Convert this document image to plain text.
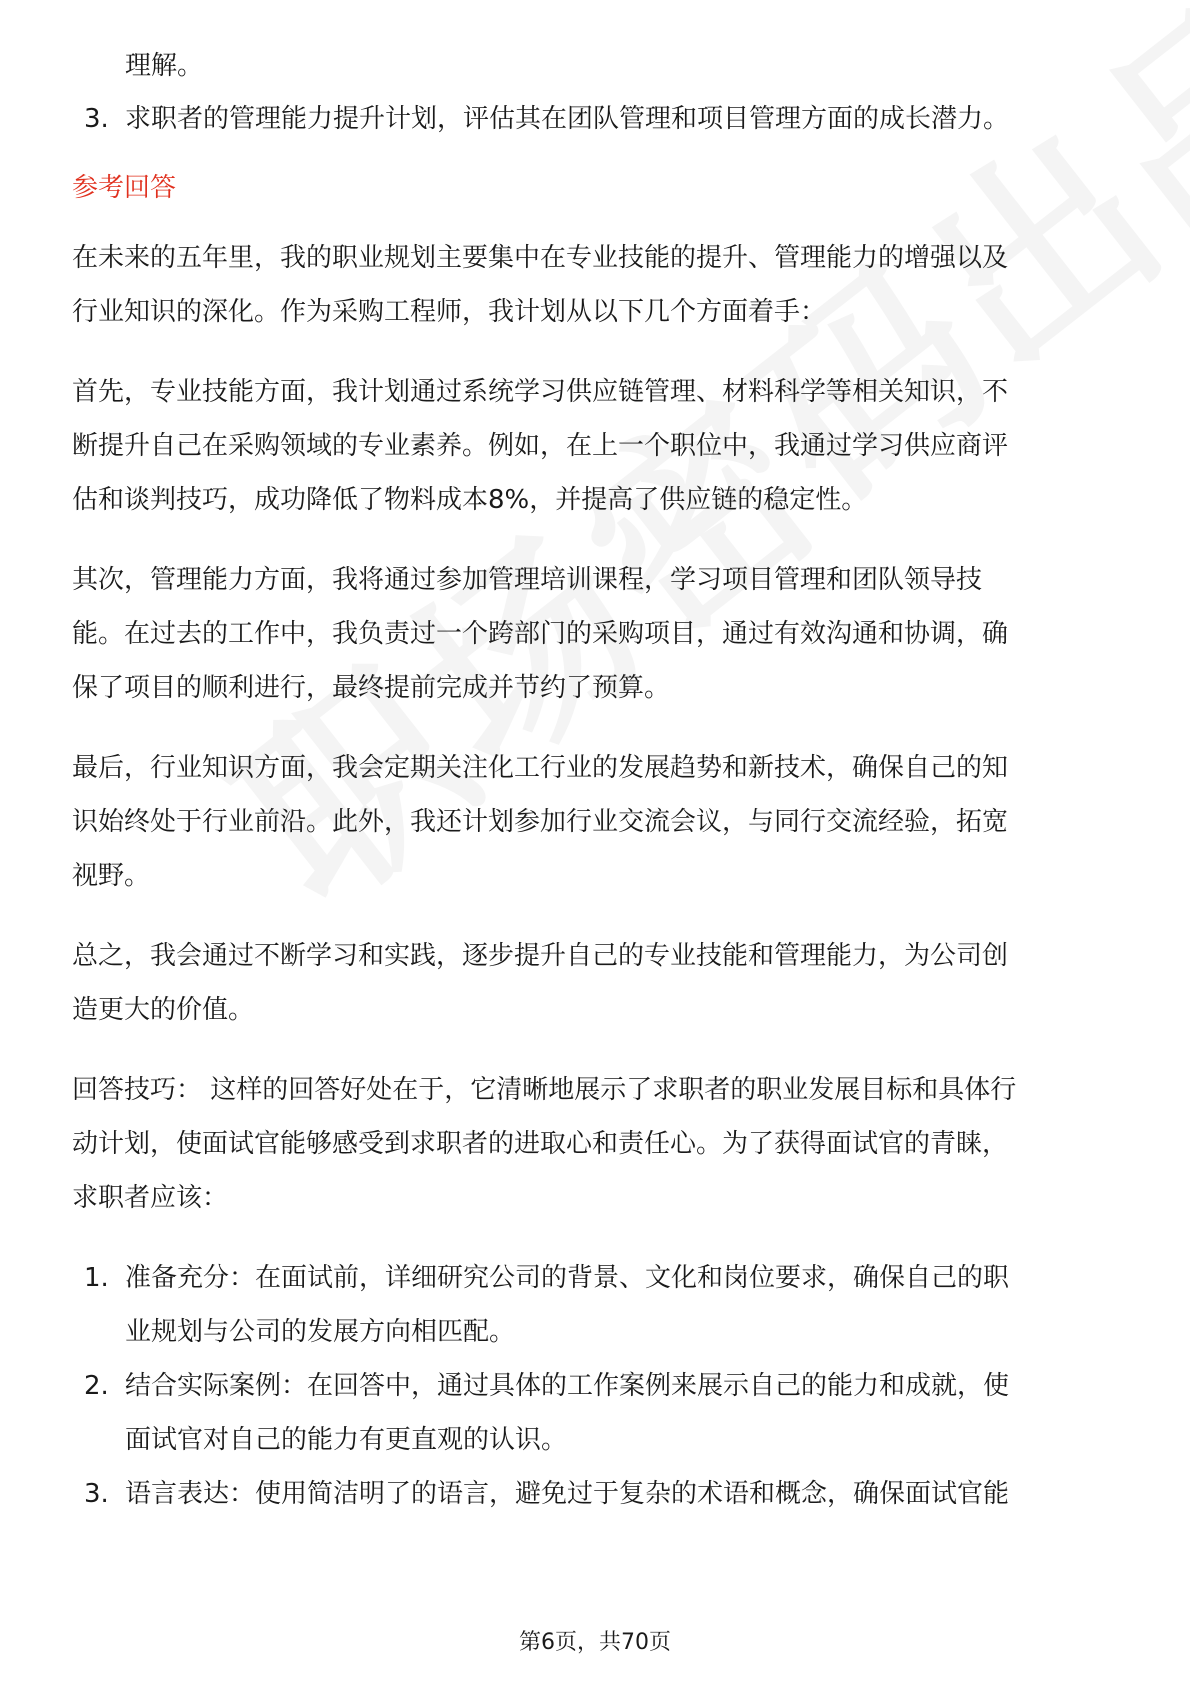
理解。
3. 求职者的管理能力提升计划，评估其在团队管理和项目管理方面的成长潜力。
参考回答
在未来的五年里，我的职业规划主要集中在专业技能的提升、管理能力的增强以及
行业知识的深化。作为采购工程师，我计划从以下几个方面着手：
首先，专业技能方面，我计划通过系统学习供应链管理、材料科学等相关知识，不
断提升自己在采购领域的专业素养。例如，在上一个职位中，我通过学习供应商评
估和谈判技巧，成功降低了物料成本8%，并提高了供应链的稳定性。
其次，管理能力方面，我将通过参加管理培训课程，学习项目管理和团队领导技
能。在过去的工作中，我负责过一个跨部门的采购项目，通过有效沟通和协调，确
保了项目的顺利进行，最终提前完成并节约了预算。
最后，行业知识方面，我会定期关注化工行业的发展趋势和新技术，确保自己的知
识始终处于行业前沿。此外，我还计划参加行业交流会议，与同行交流经验，拓宽
视野。
总之，我会通过不断学习和实践，逐步提升自己的专业技能和管理能力，为公司创
造更大的价值。
回答技巧： 这样的回答好处在于，它清晰地展示了求职者的职业发展目标和具体行
动计划，使面试官能够感受到求职者的进取心和责任心。为了获得面试官的青睐，
求职者应该：
1. 准备充分：在面试前，详细研究公司的背景、文化和岗位要求，确保自己的职
业规划与公司的发展方向相匹配。
2. 结合实际案例：在回答中，通过具体的工作案例来展示自己的能力和成就，使
面试官对自己的能力有更直观的认识。
3. 语言表达：使用简洁明了的语言，避免过于复杂的术语和概念，确保面试官能
第6页，共70页
